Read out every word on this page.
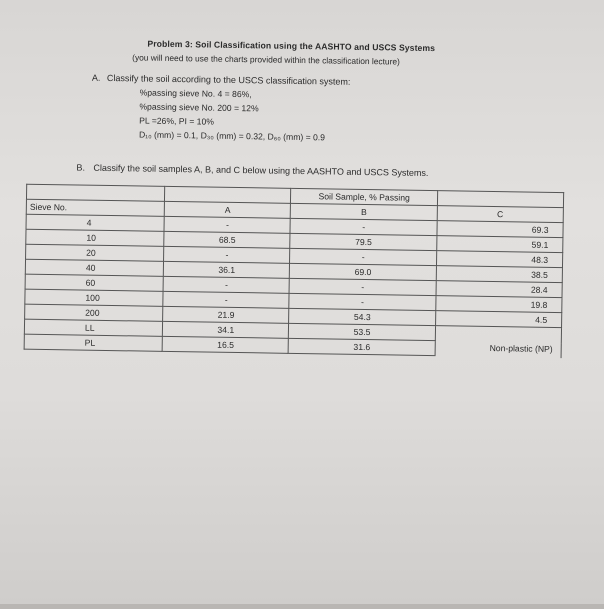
Problem 3: Soil Classification using the AASHTO and USCS Systems
(you will need to use the charts provided within the classification lecture)
A. Classify the soil according to the USCS classification system:
%passing sieve No. 4 = 86%,
%passing sieve No. 200 = 12%
PL =26%, PI = 10%
D₁₀ (mm) = 0.1, D₃₀ (mm) = 0.32, D₆₀ (mm) = 0.9
B. Classify the soil samples A, B, and C below using the AASHTO and USCS Systems.
		Soil Sample, % Passing	
Sieve No.	A	B	C
4	-	-	69.3
10	68.5	79.5	59.1
20	-	-	48.3
40	36.1	69.0	38.5
60	-	-	28.4
100	-	-	19.8
200	21.9	54.3	4.5
LL	34.1	53.5	Non-plastic (NP)
PL	16.5	31.6	
